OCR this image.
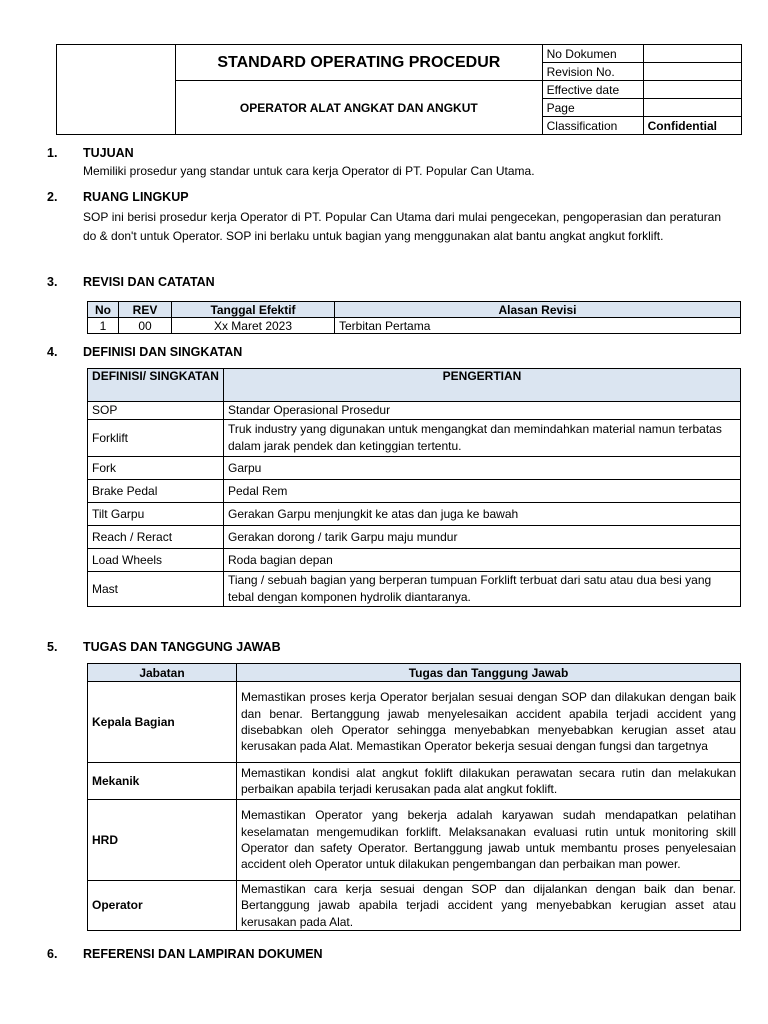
	STANDARD OPERATING PROCEDUR	No Dokumen	
		Revision No.	
	OPERATOR ALAT ANGKAT DAN ANGKUT	Effective date	
		Page	
		Classification	Confidential
1. TUJUAN
Memiliki prosedur yang standar untuk cara kerja Operator di PT. Popular Can Utama.
2. RUANG LINGKUP
SOP ini berisi prosedur kerja Operator di PT. Popular Can Utama dari mulai pengecekan, pengoperasian dan peraturan do & don't untuk Operator. SOP ini berlaku untuk bagian yang menggunakan alat bantu angkat angkut forklift.
3. REVISI DAN CATATAN
No	REV	Tanggal Efektif	Alasan Revisi
1	00	Xx Maret 2023	Terbitan Pertama
4. DEFINISI DAN SINGKATAN
DEFINISI/ SINGKATAN	PENGERTIAN
SOP	Standar Operasional Prosedur
Forklift	Truk industry yang digunakan untuk mengangkat dan memindahkan material namun terbatas dalam jarak pendek dan ketinggian tertentu.
Fork	Garpu
Brake Pedal	Pedal Rem
Tilt Garpu	Gerakan Garpu menjungkit ke atas dan juga ke bawah
Reach / Reract	Gerakan dorong / tarik Garpu maju mundur
Load Wheels	Roda bagian depan
Mast	Tiang / sebuah bagian yang berperan tumpuan Forklift terbuat dari satu atau dua besi yang tebal dengan komponen hydrolik diantaranya.
5. TUGAS DAN TANGGUNG JAWAB
Jabatan	Tugas dan Tanggung Jawab
Kepala Bagian	Memastikan proses kerja Operator berjalan sesuai dengan SOP dan dilakukan dengan baik dan benar. Bertanggung jawab menyelesaikan accident apabila terjadi accident yang disebabkan oleh Operator sehingga menyebabkan menyebabkan kerugian asset atau kerusakan pada Alat. Memastikan Operator bekerja sesuai dengan fungsi dan targetnya
Mekanik	Memastikan kondisi alat angkut foklift dilakukan perawatan secara rutin dan melakukan perbaikan apabila terjadi kerusakan pada alat angkut foklift.
HRD	Memastikan Operator yang bekerja adalah karyawan sudah mendapatkan pelatihan keselamatan mengemudikan forklift. Melaksanakan evaluasi rutin untuk monitoring skill Operator dan safety Operator. Bertanggung jawab untuk membantu proses penyelesaian accident oleh Operator untuk dilakukan pengembangan dan perbaikan man power.
Operator	Memastikan cara kerja sesuai dengan SOP dan dijalankan dengan baik dan benar. Bertanggung jawab apabila terjadi accident yang menyebabkan kerugian asset atau kerusakan pada Alat.
6. REFERENSI DAN LAMPIRAN DOKUMEN
